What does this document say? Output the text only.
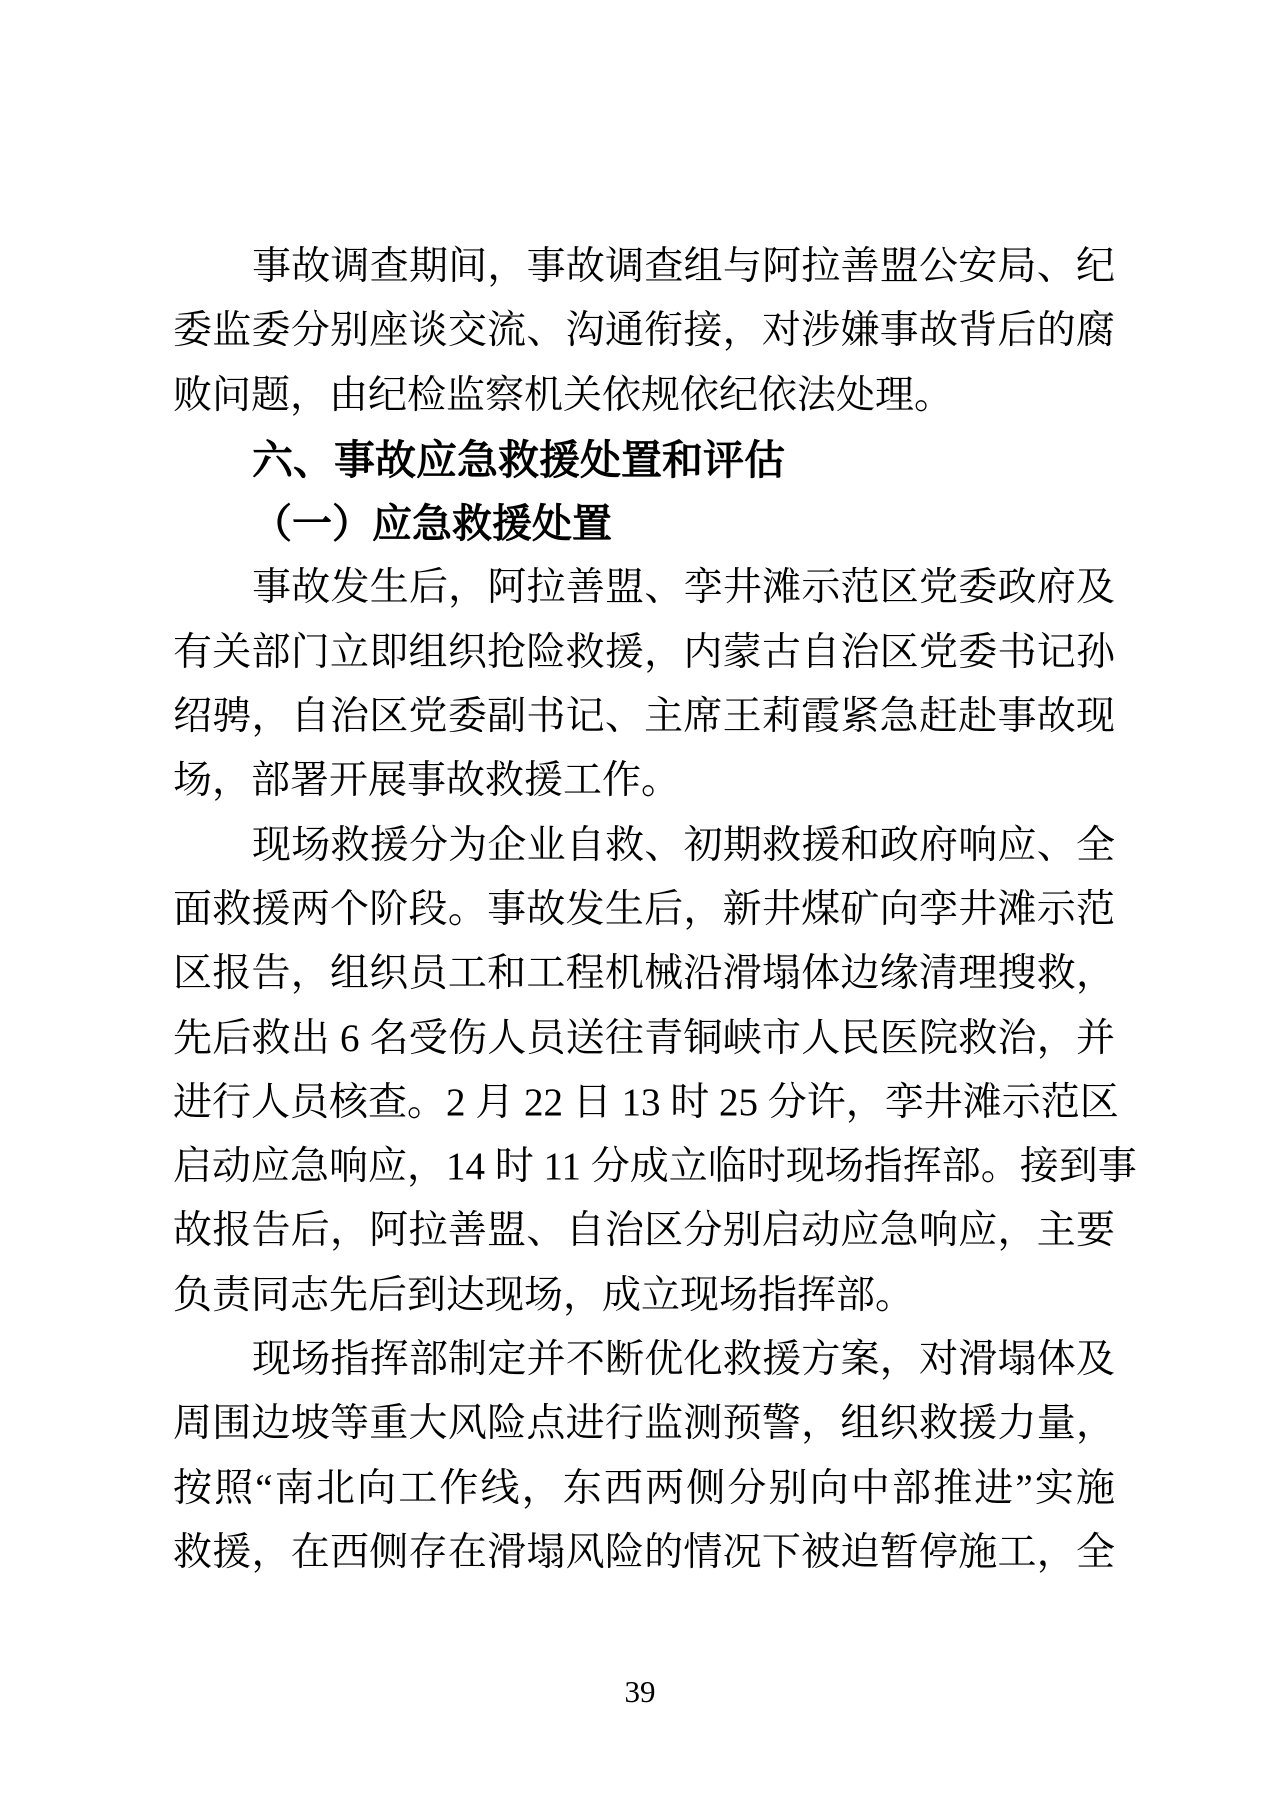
事故调查期间，事故调查组与阿拉善盟公安局、纪
委监委分别座谈交流、沟通衔接，对涉嫌事故背后的腐
败问题，由纪检监察机关依规依纪依法处理。
六、事故应急救援处置和评估
（一）应急救援处置
事故发生后，阿拉善盟、孪井滩示范区党委政府及
有关部门立即组织抢险救援，内蒙古自治区党委书记孙
绍骋，自治区党委副书记、主席王莉霞紧急赶赴事故现
场，部署开展事故救援工作。
现场救援分为企业自救、初期救援和政府响应、全
面救援两个阶段。事故发生后，新井煤矿向孪井滩示范
区报告，组织员工和工程机械沿滑塌体边缘清理搜救，
先后救出 6 名受伤人员送往青铜峡市人民医院救治，并
进行人员核查。2 月 22 日 13 时 25 分许，孪井滩示范区
启动应急响应，14 时 11 分成立临时现场指挥部。接到事
故报告后，阿拉善盟、自治区分别启动应急响应，主要
负责同志先后到达现场，成立现场指挥部。
现场指挥部制定并不断优化救援方案，对滑塌体及
周围边坡等重大风险点进行监测预警，组织救援力量，
按照“南北向工作线，东西两侧分别向中部推进”实施
救援，在西侧存在滑塌风险的情况下被迫暂停施工，全
39
